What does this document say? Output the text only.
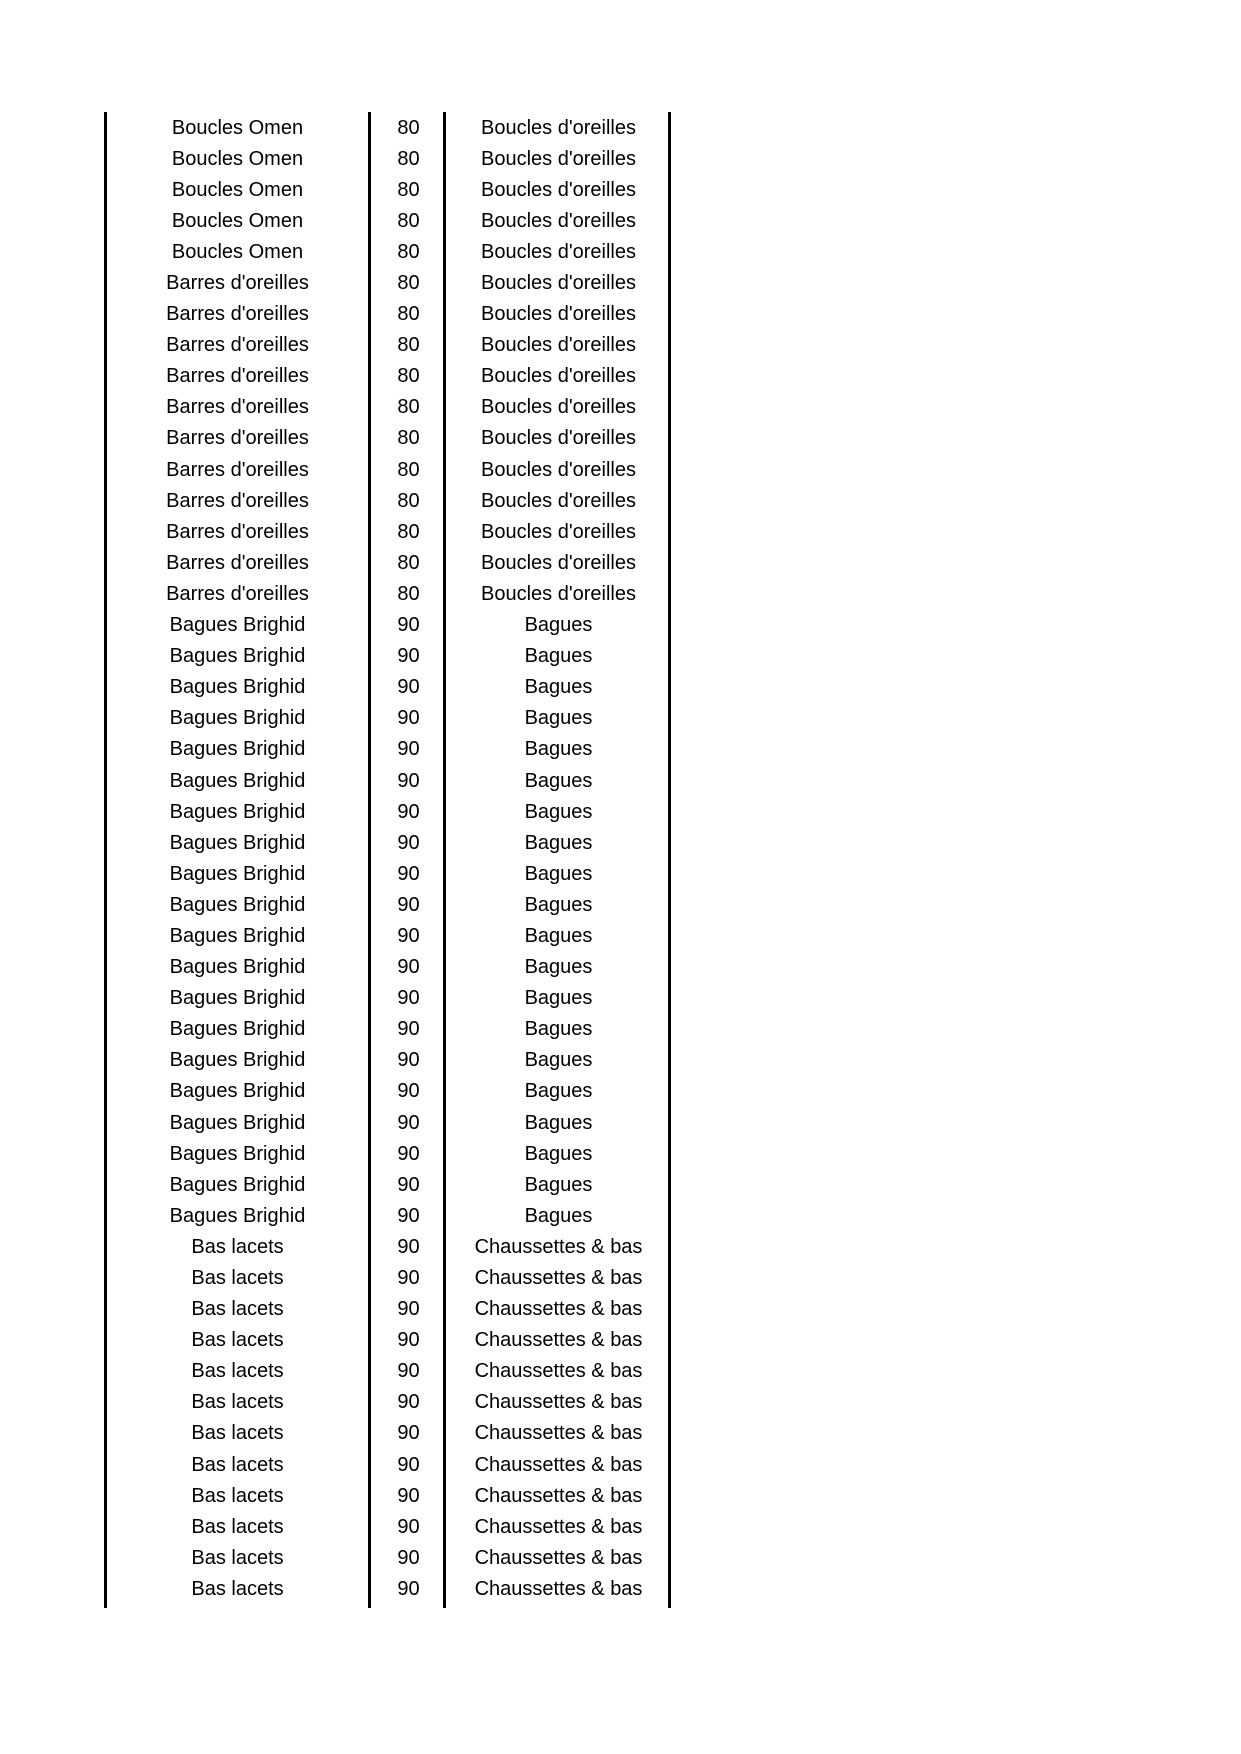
Boucles Omen	80	Boucles d'oreilles
Boucles Omen	80	Boucles d'oreilles
Boucles Omen	80	Boucles d'oreilles
Boucles Omen	80	Boucles d'oreilles
Boucles Omen	80	Boucles d'oreilles
Barres d'oreilles	80	Boucles d'oreilles
Barres d'oreilles	80	Boucles d'oreilles
Barres d'oreilles	80	Boucles d'oreilles
Barres d'oreilles	80	Boucles d'oreilles
Barres d'oreilles	80	Boucles d'oreilles
Barres d'oreilles	80	Boucles d'oreilles
Barres d'oreilles	80	Boucles d'oreilles
Barres d'oreilles	80	Boucles d'oreilles
Barres d'oreilles	80	Boucles d'oreilles
Barres d'oreilles	80	Boucles d'oreilles
Barres d'oreilles	80	Boucles d'oreilles
Bagues Brighid	90	Bagues
Bagues Brighid	90	Bagues
Bagues Brighid	90	Bagues
Bagues Brighid	90	Bagues
Bagues Brighid	90	Bagues
Bagues Brighid	90	Bagues
Bagues Brighid	90	Bagues
Bagues Brighid	90	Bagues
Bagues Brighid	90	Bagues
Bagues Brighid	90	Bagues
Bagues Brighid	90	Bagues
Bagues Brighid	90	Bagues
Bagues Brighid	90	Bagues
Bagues Brighid	90	Bagues
Bagues Brighid	90	Bagues
Bagues Brighid	90	Bagues
Bagues Brighid	90	Bagues
Bagues Brighid	90	Bagues
Bagues Brighid	90	Bagues
Bagues Brighid	90	Bagues
Bas lacets	90	Chaussettes & bas
Bas lacets	90	Chaussettes & bas
Bas lacets	90	Chaussettes & bas
Bas lacets	90	Chaussettes & bas
Bas lacets	90	Chaussettes & bas
Bas lacets	90	Chaussettes & bas
Bas lacets	90	Chaussettes & bas
Bas lacets	90	Chaussettes & bas
Bas lacets	90	Chaussettes & bas
Bas lacets	90	Chaussettes & bas
Bas lacets	90	Chaussettes & bas
Bas lacets	90	Chaussettes & bas
